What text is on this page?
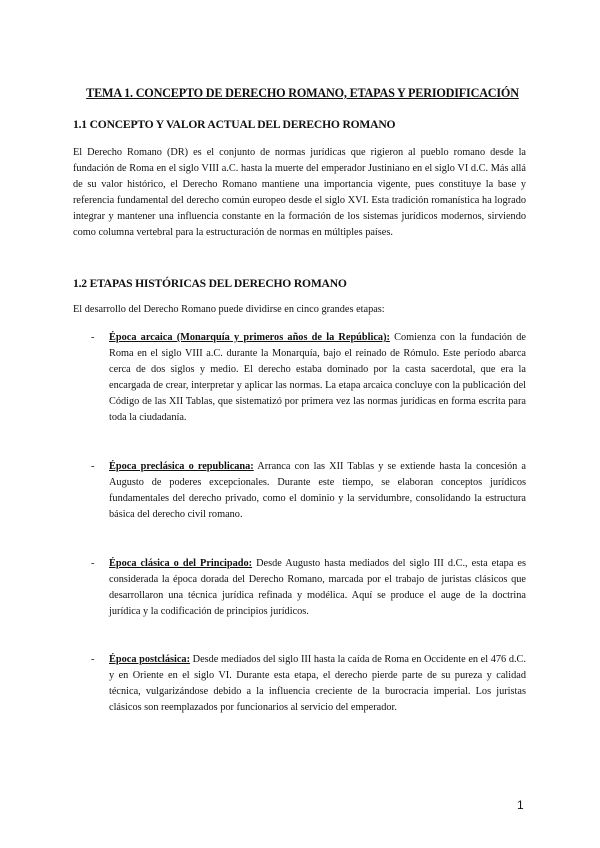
TEMA 1. CONCEPTO DE DERECHO ROMANO, ETAPAS Y PERIODIFICACIÓN
1.1 CONCEPTO Y VALOR ACTUAL DEL DERECHO ROMANO

El Derecho Romano (DR) es el conjunto de normas jurídicas que rigieron al pueblo romano desde la fundación de Roma en el siglo VIII a.C. hasta la muerte del emperador Justiniano en el siglo VI d.C. Más allá de su valor histórico, el Derecho Romano mantiene una importancia vigente, pues constituye la base y referencia fundamental del derecho común europeo desde el siglo XVI. Esta tradición romanística ha logrado integrar y mantener una influencia constante en la formación de los sistemas jurídicos modernos, sirviendo como columna vertebral para la estructuración de normas en múltiples países.

1.2 ETAPAS HISTÓRICAS DEL DERECHO ROMANO

El desarrollo del Derecho Romano puede dividirse en cinco grandes etapas:

- Época arcaica (Monarquía y primeros años de la República): Comienza con la fundación de Roma en el siglo VIII a.C. durante la Monarquía, bajo el reinado de Rómulo. Este período abarca cerca de dos siglos y medio. El derecho estaba dominado por la casta sacerdotal, que era la encargada de crear, interpretar y aplicar las normas. La etapa arcaica concluye con la publicación del Código de las XII Tablas, que sistematizó por primera vez las normas jurídicas en forma escrita para toda la ciudadanía.

- Época preclásica o republicana: Arranca con las XII Tablas y se extiende hasta la concesión a Augusto de poderes excepcionales. Durante este tiempo, se elaboran conceptos jurídicos fundamentales del derecho privado, como el dominio y la servidumbre, consolidando la estructura básica del derecho civil romano.

- Época clásica o del Principado: Desde Augusto hasta mediados del siglo III d.C., esta etapa es considerada la época dorada del Derecho Romano, marcada por el trabajo de juristas clásicos que desarrollaron una técnica jurídica refinada y modélica. Aquí se produce el auge de la doctrina jurídica y la codificación de principios jurídicos.

- Época postclásica: Desde mediados del siglo III hasta la caída de Roma en Occidente en el 476 d.C. y en Oriente en el siglo VI. Durante esta etapa, el derecho pierde parte de su pureza y calidad técnica, vulgarizándose debido a la influencia creciente de la burocracia imperial. Los juristas clásicos son reemplazados por funcionarios al servicio del emperador.

1
